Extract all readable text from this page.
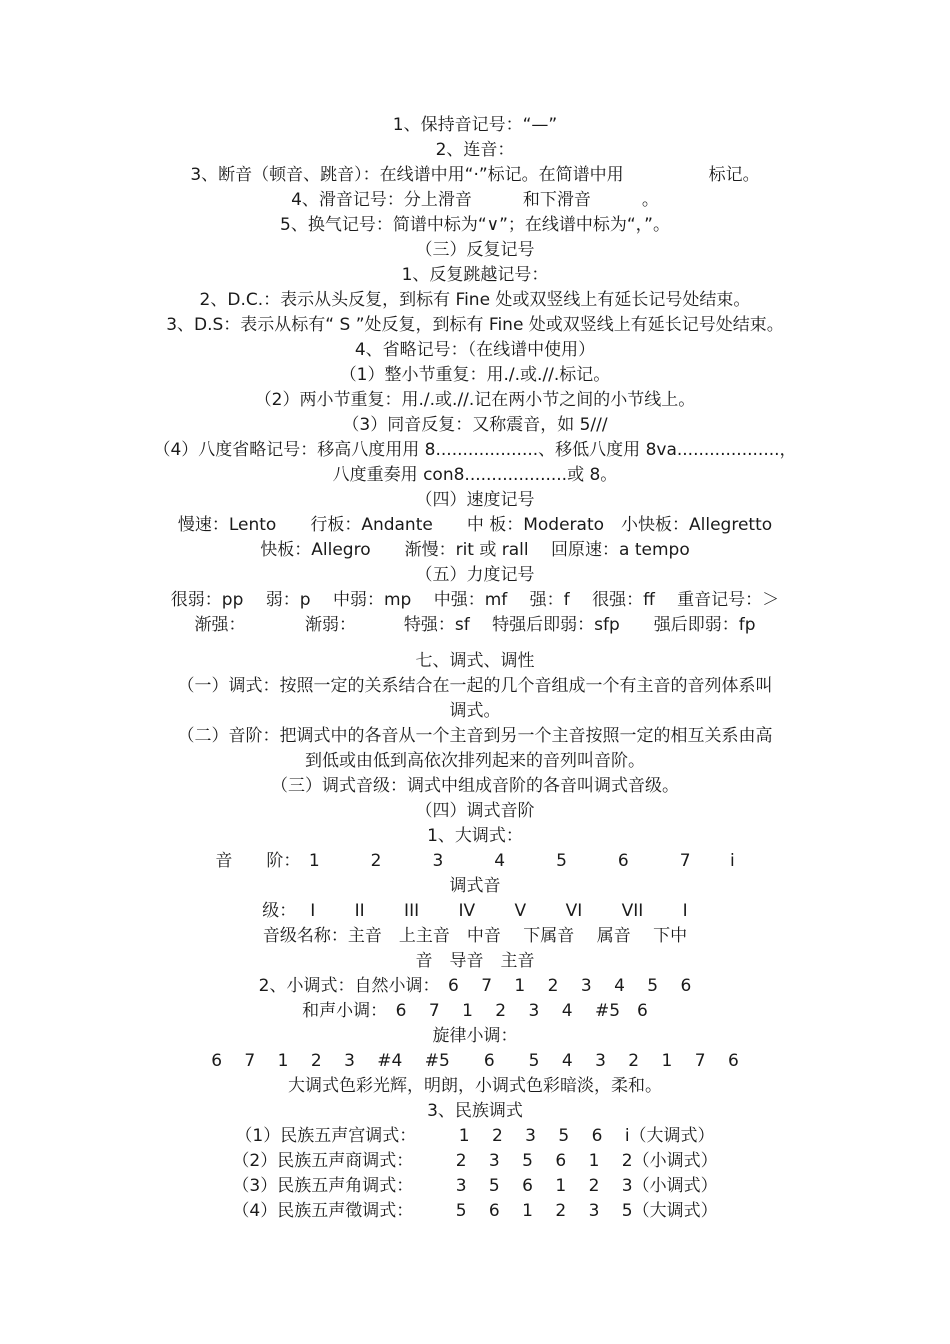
1、保持音记号：“—”
2、连音：
3、断音（顿音、跳音）：在线谱中用“·”标记。在简谱中用　　　　　标记。
4、滑音记号：分上滑音　　　和下滑音　　　。
5、换气记号：简谱中标为“∨”；在线谱中标为“，”。
（三）反复记号
1、反复跳越记号：
2、D.C.：表示从头反复，到标有 Fine 处或双竖线上有延长记号处结束。
3、D.S：表示从标有“ S ”处反复，到标有 Fine 处或双竖线上有延长记号处结束。
4、省略记号：（在线谱中使用）
（1）整小节重复：用./.或.//.标记。
（2）两小节重复：用./.或.//.记在两小节之间的小节线上。
（3）同音反复：又称震音，如 5///
（4）八度省略记号：移高八度用用 8...................、移低八度用 8va...................，
八度重奏用 con8...................或 8。
（四）速度记号
慢速：Lento　　行板：Andante　　中 板：Moderato　小快板：Allegretto
快板：Allegro　　渐慢：rit 或 rall　 回原速：a tempo
（五）力度记号
很弱：pp　 弱：p　 中弱：mp　 中强：mf　 强：f　 很强：ff　 重音记号：＞
渐强：　　　　渐弱：　　　 特强：sf　 特强后即弱：sfp　　强后即弱：fp
七、调式、调性
（一）调式：按照一定的关系结合在一起的几个音组成一个有主音的音列体系叫
调式。
（二）音阶：把调式中的各音从一个主音到另一个主音按照一定的相互关系由高
到低或由低到高依次排列起来的音列叫音阶。
（三）调式音级：调式中组成音阶的各音叫调式音级。
（四）调式音阶
1、大调式：
音　　阶：　1　　　2　　　3　　　4　　　5　　　6　　　7　　 i
调式音
级：　 I　　 II　　 III　　 IV　　 V　　 VI　　 VII　　 I
音级名称：主音　上主音　中音　 下属音　 属音　 下中
音　导音　主音
2、小调式：自然小调：　6　 7　 1　 2　 3　 4　 5　 6
和声小调：　6　 7　 1　 2　 3　 4　 #5　6
旋律小调：
6　 7　 1　 2　 3　 #4　 #5　　6　　5　 4　 3　 2　 1　 7　 6
大调式色彩光辉，明朗，小调式色彩暗淡，柔和。
3、民族调式
（1）民族五声宫调式：　　　1　 2　 3　 5　 6　 i（大调式）
（2）民族五声商调式：　　　2　 3　 5　 6　 1　 2（小调式）
（3）民族五声角调式：　　　3　 5　 6　 1　 2　 3（小调式）
（4）民族五声徵调式：　　　5　 6　 1　 2　 3　 5（大调式）
